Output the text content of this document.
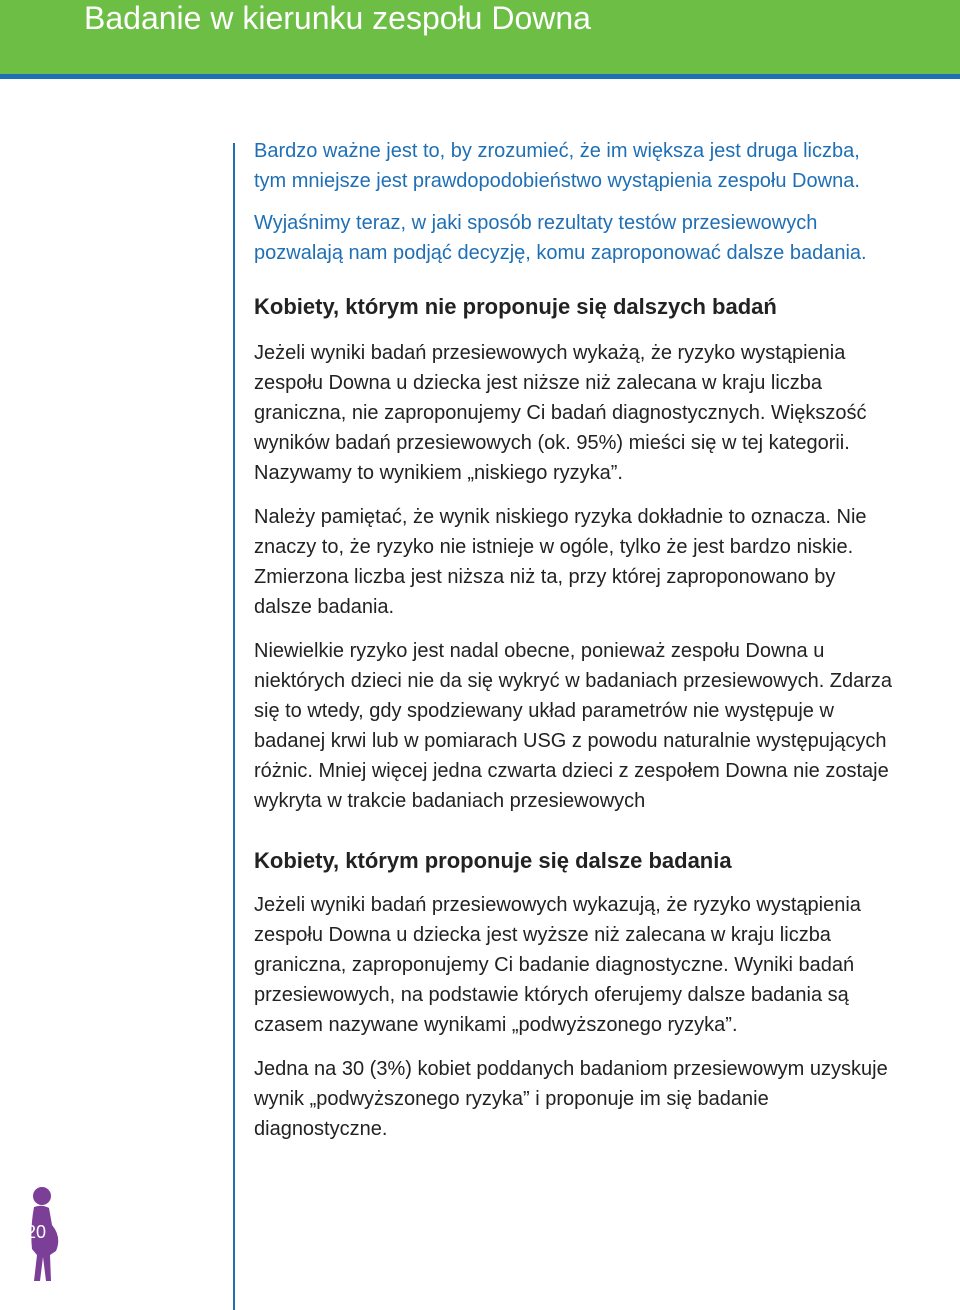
Badanie w kierunku zespołu Downa

Bardzo ważne jest to, by zrozumieć, że im większa jest druga liczba, tym mniejsze jest prawdopodobieństwo wystąpienia zespołu Downa.

Wyjaśnimy teraz, w jaki sposób rezultaty testów przesiewowych pozwalają nam podjąć decyzję, komu zaproponować dalsze badania.

Kobiety, którym nie proponuje się dalszych badań

Jeżeli wyniki badań przesiewowych wykażą, że ryzyko wystąpienia zespołu Downa u dziecka jest niższe niż zalecana w kraju liczba graniczna, nie zaproponujemy Ci badań diagnostycznych. Większość wyników badań przesiewowych (ok. 95%) mieści się w tej kategorii. Nazywamy to wynikiem „niskiego ryzyka”.

Należy pamiętać, że wynik niskiego ryzyka dokładnie to oznacza. Nie znaczy to, że ryzyko nie istnieje w ogóle, tylko że jest bardzo niskie. Zmierzona liczba jest niższa niż ta, przy której zaproponowano by dalsze badania.

Niewielkie ryzyko jest nadal obecne, ponieważ zespołu Downa u niektórych dzieci nie da się wykryć w badaniach przesiewowych. Zdarza się to wtedy, gdy spodziewany układ parametrów nie występuje w badanej krwi lub w pomiarach USG z powodu naturalnie występujących różnic. Mniej więcej jedna czwarta dzieci z zespołem Downa nie zostaje wykryta w trakcie badaniach przesiewowych

Kobiety, którym proponuje się dalsze badania

Jeżeli wyniki badań przesiewowych wykazują, że ryzyko wystąpienia zespołu Downa u dziecka jest wyższe niż zalecana w kraju liczba graniczna, zaproponujemy Ci badanie diagnostyczne. Wyniki badań przesiewowych, na podstawie których oferujemy dalsze badania są czasem nazywane wynikami „podwyższonego ryzyka”.

Jedna na 30 (3%) kobiet poddanych badaniom przesiewowym uzyskuje wynik „podwyższonego ryzyka” i proponuje im się badanie diagnostyczne.

20
